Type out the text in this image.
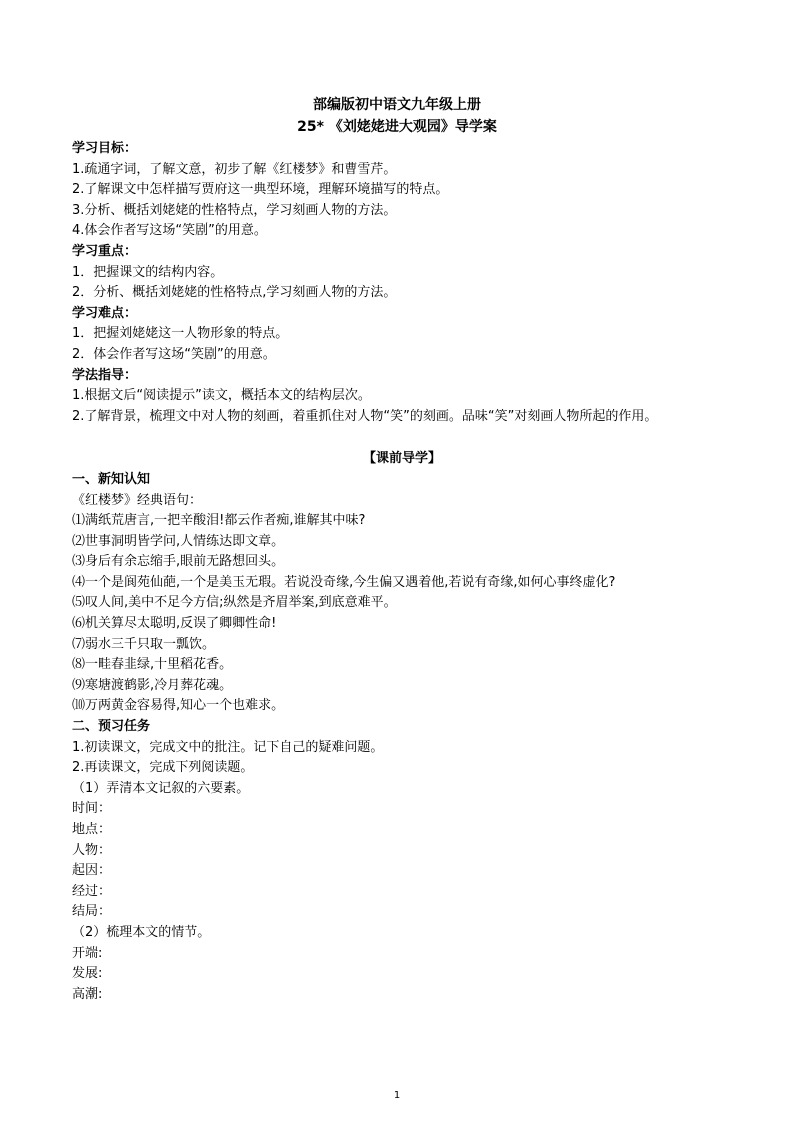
部编版初中语文九年级上册
25* 《刘姥姥进大观园》导学案
学习目标：
1.疏通字词，了解文意，初步了解《红楼梦》和曹雪芹。
2.了解课文中怎样描写贾府这一典型环境，理解环境描写的特点。
3.分析、概括刘姥姥的性格特点，学习刻画人物的方法。
4.体会作者写这场“笑剧”的用意。
学习重点：
1．把握课文的结构内容。
2．分析、概括刘姥姥的性格特点,学习刻画人物的方法。
学习难点：
1．把握刘姥姥这一人物形象的特点。
2．体会作者写这场“笑剧”的用意。
学法指导：
1.根据文后“阅读提示”读文，概括本文的结构层次。
2.了解背景，梳理文中对人物的刻画，着重抓住对人物“笑”的刻画。品味“笑”对刻画人物所起的作用。
【课前导学】
一、新知认知
《红楼梦》经典语句：
⑴满纸荒唐言,一把辛酸泪!都云作者痴,谁解其中味?
⑵世事洞明皆学问,人情练达即文章。
⑶身后有余忘缩手,眼前无路想回头。
⑷一个是阆苑仙葩,一个是美玉无瑕。若说没奇缘,今生偏又遇着他,若说有奇缘,如何心事终虚化?
⑸叹人间,美中不足今方信;纵然是齐眉举案,到底意难平。
⑹机关算尽太聪明,反误了卿卿性命!
⑺弱水三千只取一瓢饮。
⑻一畦春韭绿,十里稻花香。
⑼寒塘渡鹤影,冷月葬花魂。
⑽万两黄金容易得,知心一个也难求。
二、预习任务
1.初读课文，完成文中的批注。记下自己的疑难问题。
2.再读课文，完成下列阅读题。
（1）弄清本文记叙的六要素。
时间：
地点：
人物：
起因：
经过：
结局：
（2）梳理本文的情节。
开端:
发展:
高潮:
1
